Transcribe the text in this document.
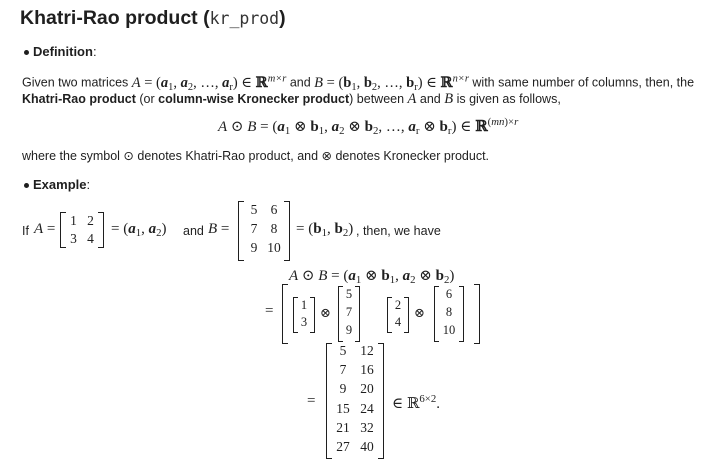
Khatri-Rao product (kr_prod)
Definition:
Given two matrices $A = (a_1$, $a_2$, …, $a_r$) ∈ ℝ$^{m\times r}$ and $B = (b_1$, $b_2$, …, $b_r$) ∈ ℝ$^{n\times r}$ with same number of columns, then, the
Khatri-Rao product (or column-wise Kronecker product) between A and B is given as follows,
A ⊙ $B = (a_1$ ⊗ $b_1$, $a_2$ ⊗ $b_2$, …, $a_r$ ⊗ $b_r$) ∈ ℝ$^{(mn)\times r}$
where the symbol ⊙ denotes Khatri-Rao product, and ⊗ denotes Kronecker product.
Example:
If A =
1 2
3 4
= ($a_1$, $a_2$) and B =
5 6
7 8
9 10
= ($b_1$, $b_2$) , then, we have
A ⊙ $B = (a_1$ ⊗ $b_1$, $a_2$ ⊗ $b_2$)
=	1
3
⊗
5
7
9
2
4
⊗
6
8
10
=
5	12
7	16
9	20
15 24
21 32
27 40
∈ ℝ$^{6\times 2}$.
